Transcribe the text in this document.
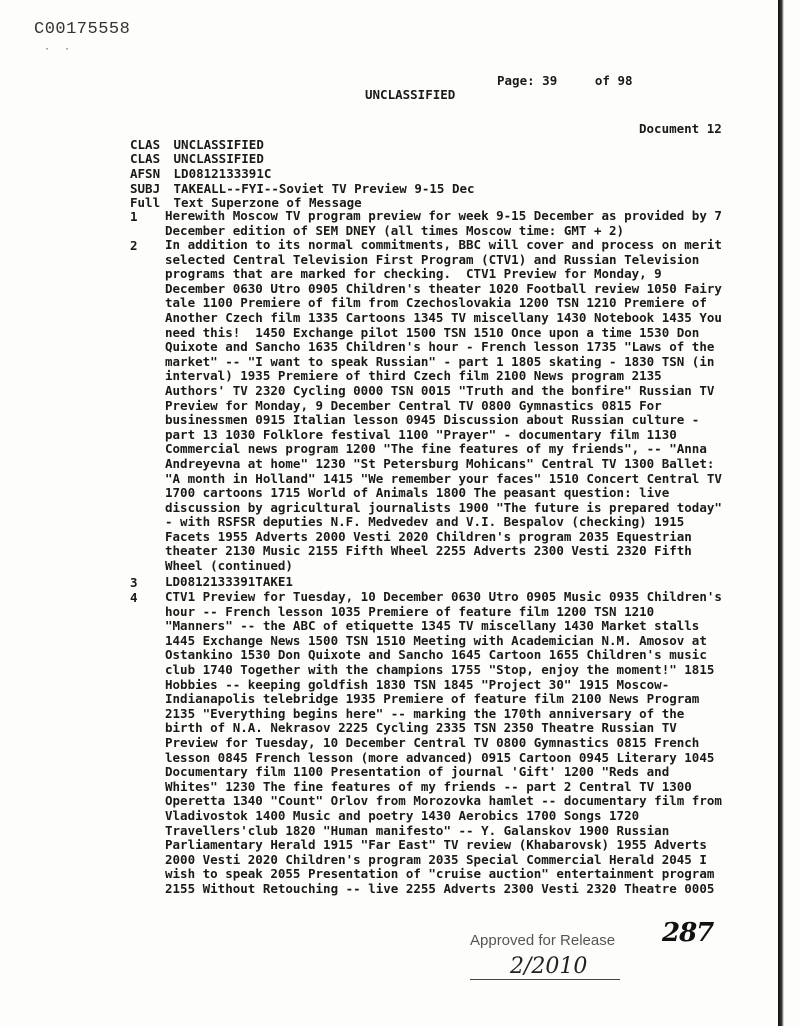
C00175558
· ·
Page: 39	of 98
UNCLASSIFIED
Document 12
CLAS UNCLASSIFIED
CLAS UNCLASSIFIED
AFSN LD0812133391C
SUBJ TAKEALL--FYI--Soviet TV Preview 9-15 Dec
Full Text Superzone of Message
1	Herewith Moscow TV program preview for week 9-15 December as provided by 7 December edition of SEM DNEY (all times Moscow time: GMT + 2)
2	In addition to its normal commitments, BBC will cover and process on merit selected Central Television First Program (CTV1) and Russian Television programs that are marked for checking.  CTV1 Preview for Monday, 9 December 0630 Utro 0905 Children's theater 1020 Football review 1050 Fairy tale 1100 Premiere of film from Czechoslovakia 1200 TSN 1210 Premiere of Another Czech film 1335 Cartoons 1345 TV miscellany 1430 Notebook 1435 You need this!  1450 Exchange pilot 1500 TSN 1510 Once upon a time 1530 Don Quixote and Sancho 1635 Children's hour - French lesson 1735 "Laws of the market" -- "I want to speak Russian" - part 1 1805 skating - 1830 TSN (in interval) 1935 Premiere of third Czech film 2100 News program 2135 Authors' TV 2320 Cycling 0000 TSN 0015 "Truth and the bonfire" Russian TV Preview for Monday, 9 December Central TV 0800 Gymnastics 0815 For businessmen 0915 Italian lesson 0945 Discussion about Russian culture - part 13 1030 Folklore festival 1100 "Prayer" - documentary film 1130 Commercial news program 1200 "The fine features of my friends", -- "Anna Andreyevna at home" 1230 "St Petersburg Mohicans" Central TV 1300 Ballet: "A month in Holland" 1415 "We remember your faces" 1510 Concert Central TV 1700 cartoons 1715 World of Animals 1800 The peasant question: live discussion by agricultural journalists 1900 "The future is prepared today" - with RSFSR deputies N.F. Medvedev and V.I. Bespalov (checking) 1915 Facets 1955 Adverts 2000 Vesti 2020 Children's program 2035 Equestrian theater 2130 Music 2155 Fifth Wheel 2255 Adverts 2300 Vesti 2320 Fifth Wheel (continued)
3	LD0812133391TAKE1
4	CTV1 Preview for Tuesday, 10 December 0630 Utro 0905 Music 0935 Children's hour -- French lesson 1035 Premiere of feature film 1200 TSN 1210 "Manners" -- the ABC of etiquette 1345 TV miscellany 1430 Market stalls 1445 Exchange News 1500 TSN 1510 Meeting with Academician N.M. Amosov at Ostankino 1530 Don Quixote and Sancho 1645 Cartoon 1655 Children's music club 1740 Together with the champions 1755 "Stop, enjoy the moment!" 1815 Hobbies -- keeping goldfish 1830 TSN 1845 "Project 30" 1915 Moscow-Indianapolis telebridge 1935 Premiere of feature film 2100 News Program 2135 "Everything begins here" -- marking the 170th anniversary of the birth of N.A. Nekrasov 2225 Cycling 2335 TSN 2350 Theatre Russian TV Preview for Tuesday, 10 December Central TV 0800 Gymnastics 0815 French lesson 0845 French lesson (more advanced) 0915 Cartoon 0945 Literary 1045 Documentary film 1100 Presentation of journal 'Gift' 1200 "Reds and Whites" 1230 The fine features of my friends -- part 2 Central TV 1300 Operetta 1340 "Count" Orlov from Morozovka hamlet -- documentary film from Vladivostok 1400 Music and poetry 1430 Aerobics 1700 Songs 1720 Travellers'club 1820 "Human manifesto" -- Y. Galanskov 1900 Russian Parliamentary Herald 1915 "Far East" TV review (Khabarovsk) 1955 Adverts 2000 Vesti 2020 Children's program 2035 Special Commercial Herald 2045 I wish to speak 2055 Presentation of "cruise auction" entertainment program 2155 Without Retouching -- live 2255 Adverts 2300 Vesti 2320 Theatre 0005
287
Approved for Release
2/2010
